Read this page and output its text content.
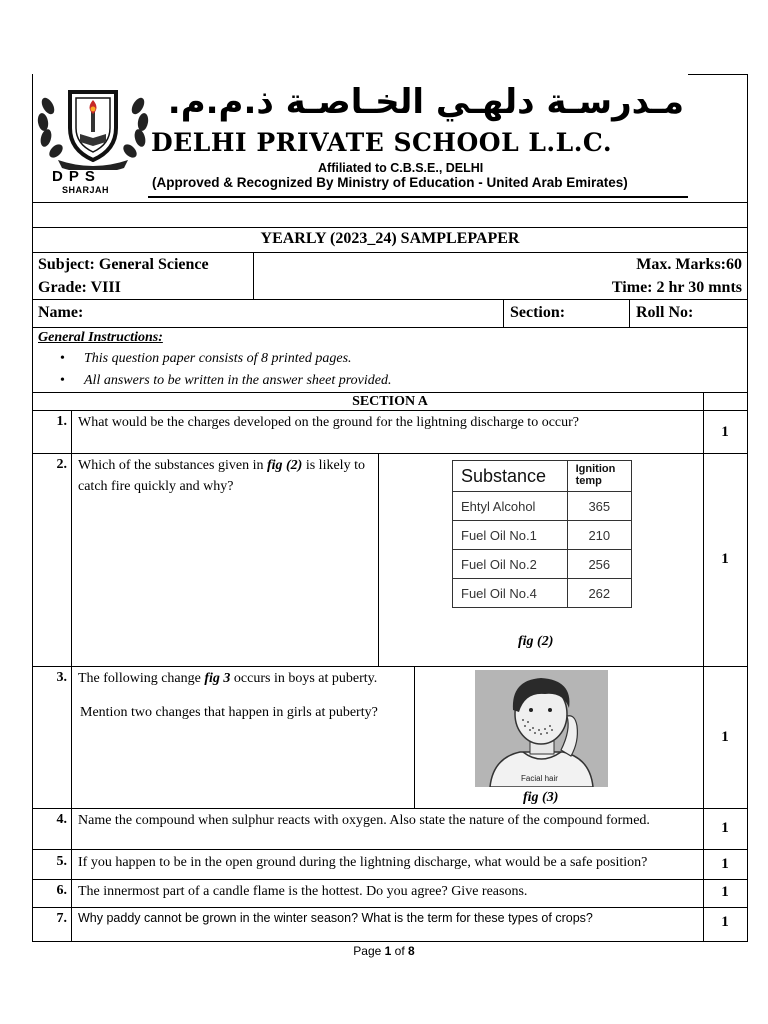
DPS
SHARJAH
مـدرسـة دلهـي الخـاصـة ذ.م.م.
DELHI PRIVATE SCHOOL L.L.C.
Affiliated to C.B.S.E., DELHI
(Approved & Recognized By Ministry of Education - United Arab Emirates)
YEARLY (2023_24) SAMPLEPAPER
Subject: General Science
Grade: VIII
Max. Marks:60
Time: 2 hr 30 mnts
Name:	Section:	Roll No:
General Instructions:
• This question paper consists of 8 printed pages.
• All answers to be written in the answer sheet provided.
SECTION A
1. What would be the charges developed on the ground for the lightning discharge to occur?
1
2. Which of the substances given in fig (2) is likely to catch fire quickly and why?
Substance	Ignition temp
Ehtyl Alcohol	365
Fuel Oil No.1	210
Fuel Oil No.2	256
Fuel Oil No.4	262
fig (2)
1
3. The following change fig 3 occurs in boys at puberty.
Mention two changes that happen in girls at puberty?
Facial hair
fig (3)
1
4. Name the compound when sulphur reacts with oxygen. Also state the nature of the compound formed.	1
5. If you happen to be in the open ground during the lightning discharge, what would be a safe position?	1
6. The innermost part of a candle flame is the hottest. Do you agree? Give reasons.	1
7. Why paddy cannot be grown in the winter season? What is the term for these types of crops?	1
Page 1 of 8
